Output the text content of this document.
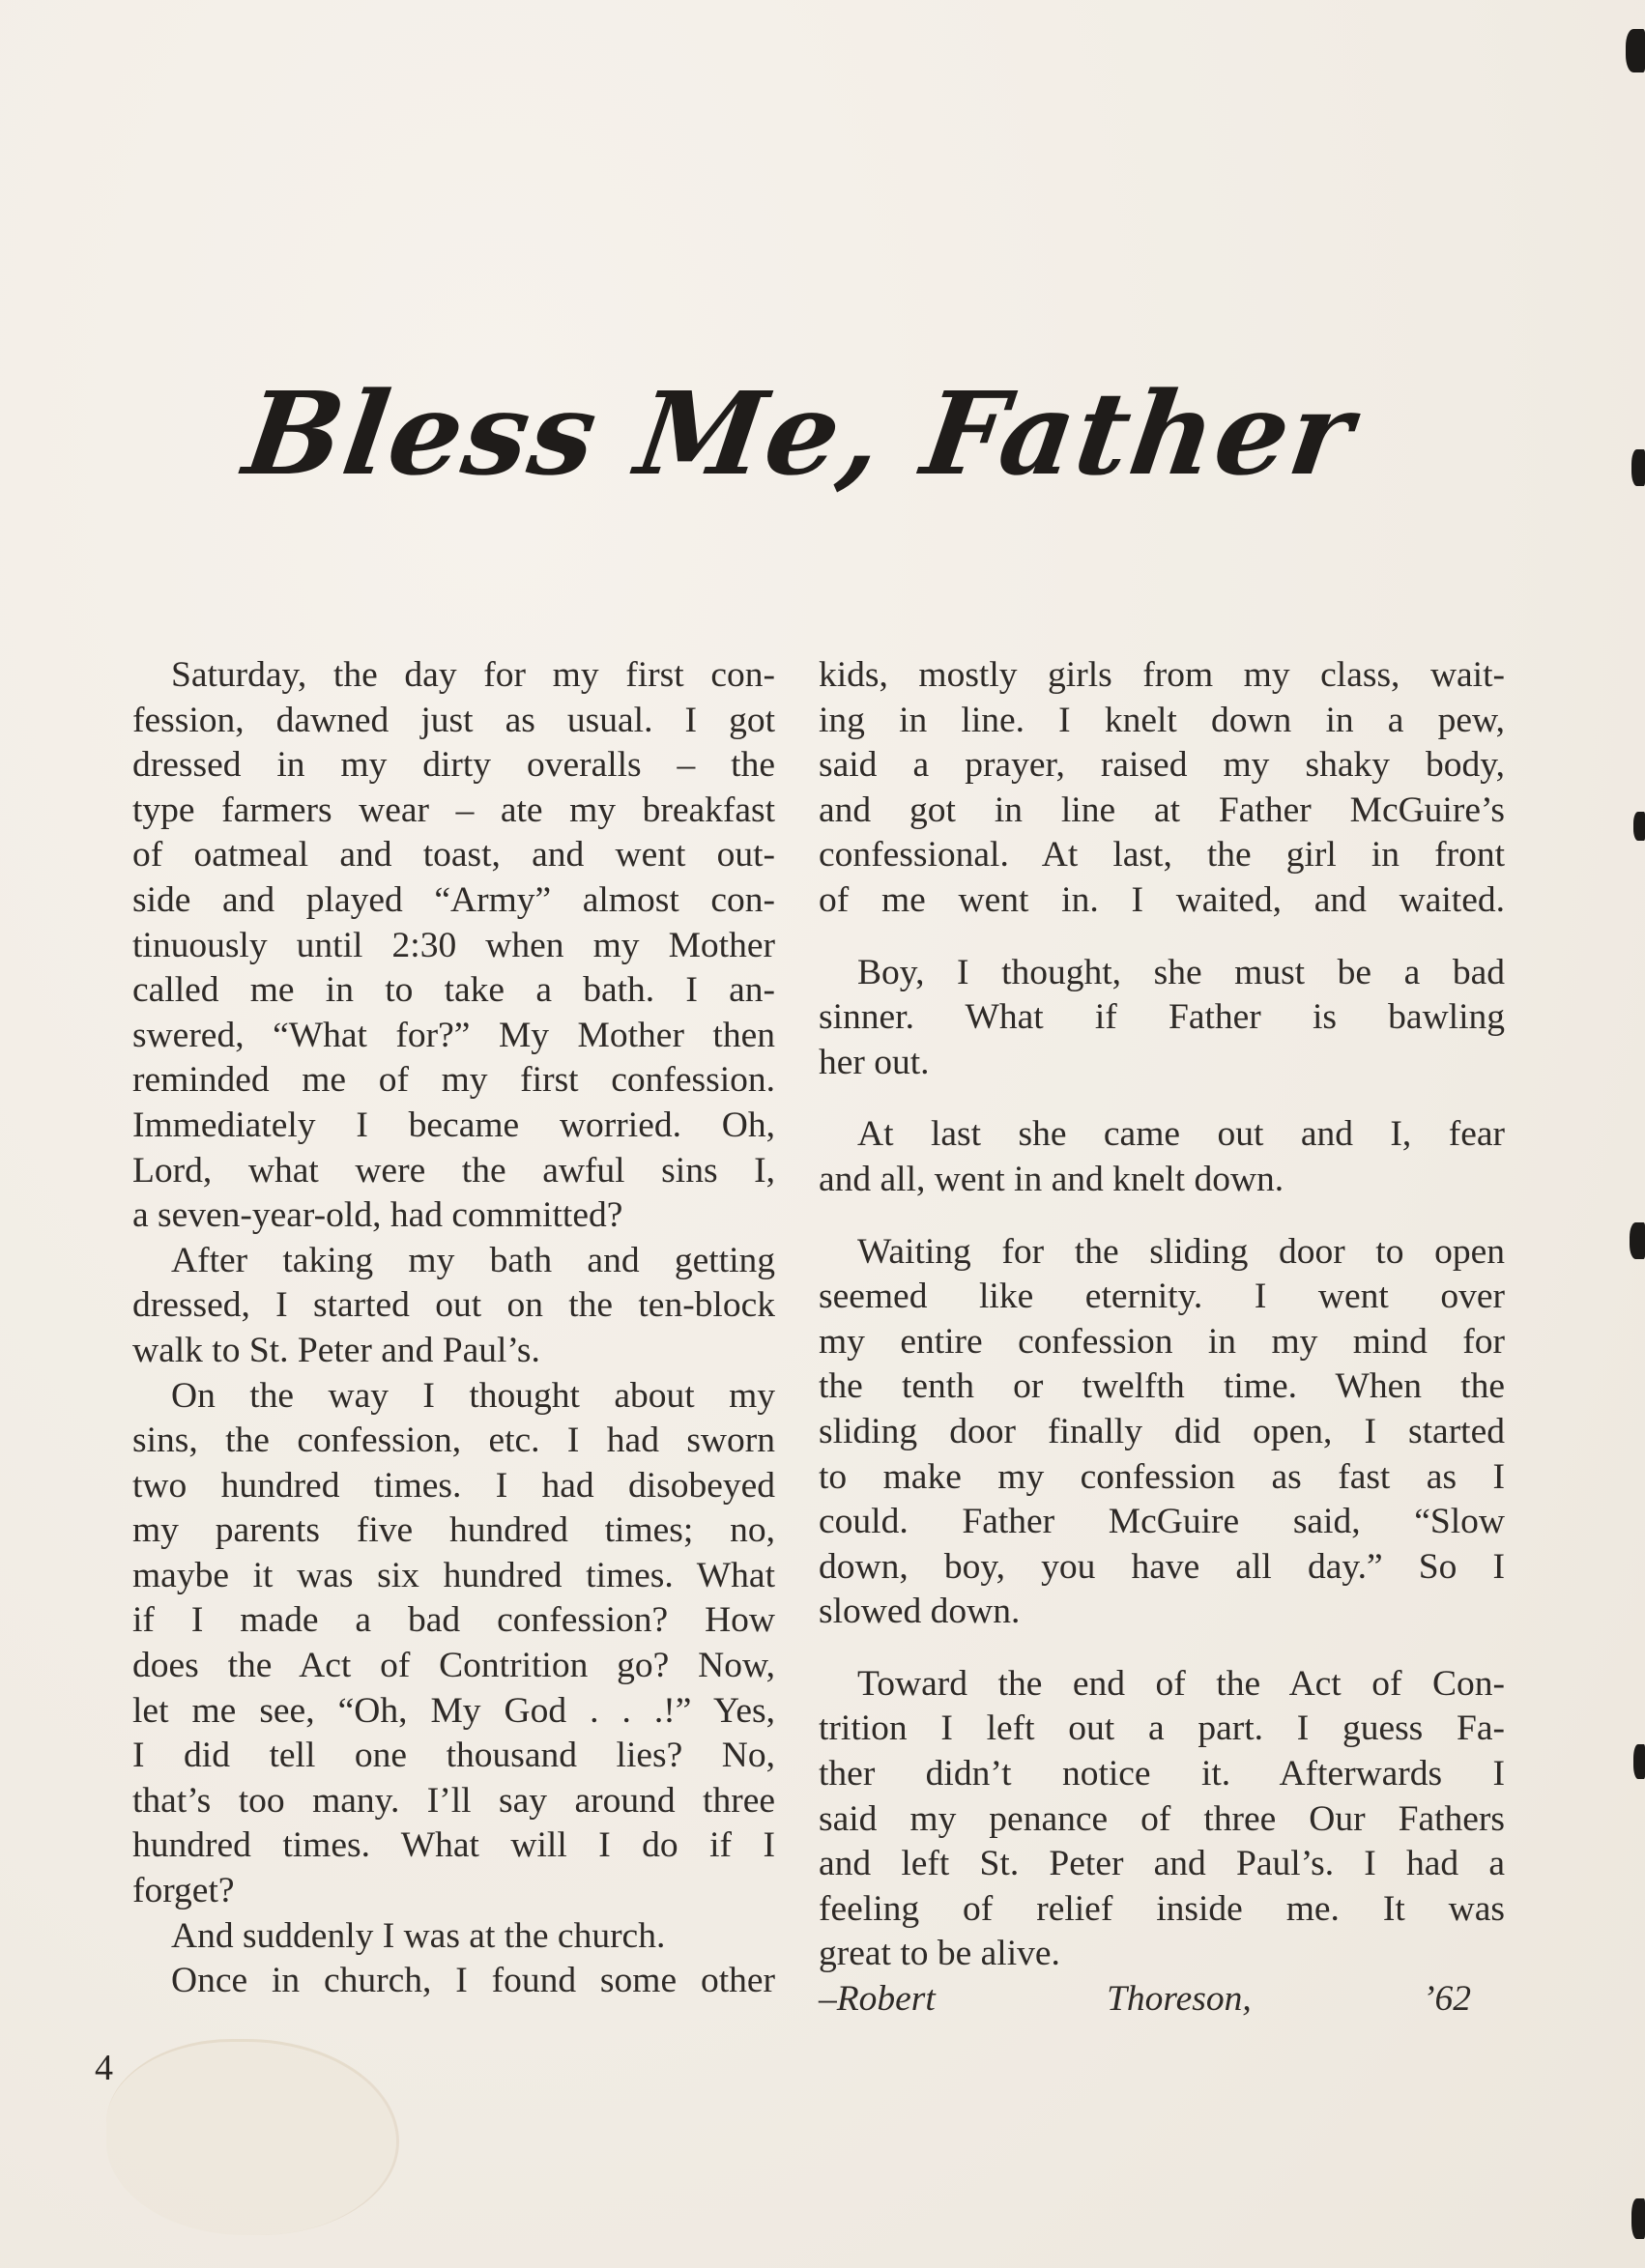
Bless Me, Father
Saturday, the day for my first con-
fession, dawned just as usual. I got
dressed in my dirty overalls – the
type farmers wear – ate my breakfast
of oatmeal and toast, and went out-
side and played “Army” almost con-
tinuously until 2:30 when my Mother
called me in to take a bath. I an-
swered, “What for?” My Mother then
reminded me of my first confession.
Immediately I became worried. Oh,
Lord, what were the awful sins I,
a seven-year-old, had committed?
After taking my bath and getting
dressed, I started out on the ten-block
walk to St. Peter and Paul’s.
On the way I thought about my
sins, the confession, etc. I had sworn
two hundred times. I had disobeyed
my parents five hundred times; no,
maybe it was six hundred times. What
if I made a bad confession? How
does the Act of Contrition go? Now,
let me see, “Oh, My God . . .!” Yes,
I did tell one thousand lies? No,
that’s too many. I’ll say around three
hundred times. What will I do if I
forget?
And suddenly I was at the church.
Once in church, I found some other
kids, mostly girls from my class, wait-
ing in line. I knelt down in a pew,
said a prayer, raised my shaky body,
and got in line at Father McGuire’s
confessional. At last, the girl in front
of me went in. I waited, and waited.
Boy, I thought, she must be a bad
sinner. What if Father is bawling
her out.
At last she came out and I, fear
and all, went in and knelt down.
Waiting for the sliding door to open
seemed like eternity. I went over
my entire confession in my mind for
the tenth or twelfth time. When the
sliding door finally did open, I started
to make my confession as fast as I
could. Father McGuire said, “Slow
down, boy, you have all day.” So I
slowed down.
Toward the end of the Act of Con-
trition I left out a part. I guess Fa-
ther didn’t notice it. Afterwards I
said my penance of three Our Fathers
and left St. Peter and Paul’s. I had a
feeling of relief inside me. It was
great to be alive.
–Robert Thoreson, ’62
4
